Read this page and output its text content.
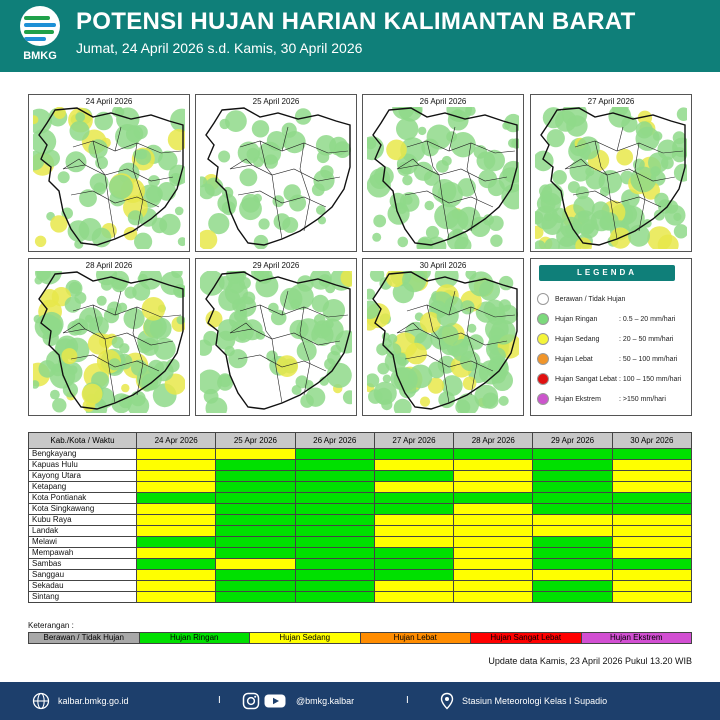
BMKG
POTENSI HUJAN HARIAN KALIMANTAN BARAT
Jumat, 24 April 2026 s.d. Kamis, 30 April 2026
24 April 2026	25 April 2026	26 April 2026	27 April 2026
28 April 2026	29 April 2026	30 April 2026
LEGENDA
Berawan / Tidak Hujan
Hujan Ringan	: 0.5 – 20 mm/hari
Hujan Sedang	: 20 – 50 mm/hari
Hujan Lebat	: 50 – 100 mm/hari
Hujan Sangat Lebat : 100 – 150 mm/hari
Hujan Ekstrem	: >150 mm/hari
Kab./Kota / Waktu	24 Apr 2026	25 Apr 2026	26 Apr 2026	27 Apr 2026	28 Apr 2026	29 Apr 2026	30 Apr 2026
Bengkayang							
Kapuas Hulu							
Kayong Utara							
Ketapang							
Kota Pontianak							
Kota Singkawang							
Kubu Raya							
Landak							
Melawi							
Mempawah							
Sambas							
Sanggau							
Sekadau							
Sintang							
Keterangan :
Berawan / Tidak Hujan	Hujan Ringan	Hujan Sedang	Hujan Lebat	Hujan Sangat Lebat	Hujan Ekstrem
Update data Kamis, 23 April 2026 Pukul 13.20 WIB
kalbar.bmkg.go.id	I	@bmkg.kalbar	I	Stasiun Meteorologi Kelas I Supadio
